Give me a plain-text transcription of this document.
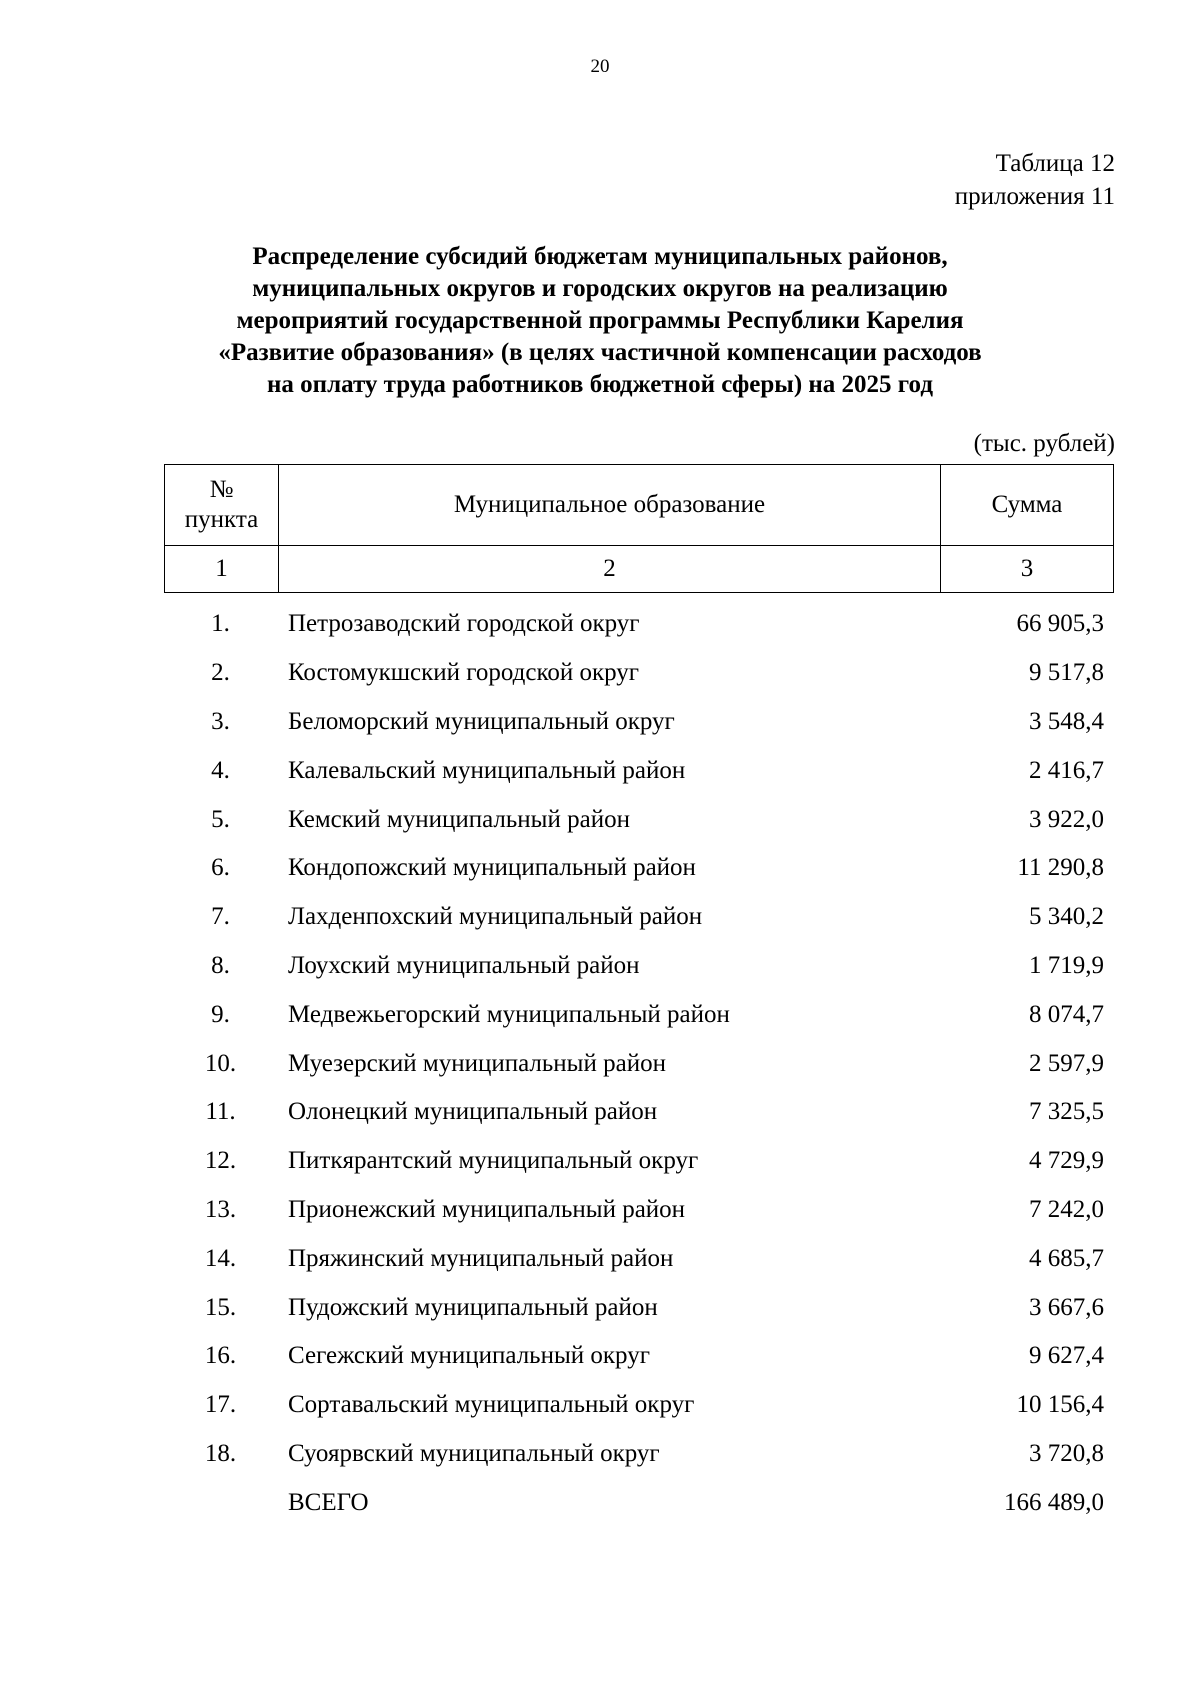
20
Таблица 12
приложения 11
Распределение субсидий бюджетам муниципальных районов,
муниципальных округов и городских округов на реализацию
мероприятий государственной программы Республики Карелия
«Развитие образования» (в целях частичной компенсации расходов
на оплату труда работников бюджетной сферы) на 2025 год
(тыс. рублей)
№
пункта	Муниципальное образование	Сумма
1	2	3
1.	Петрозаводский городской округ	66 905,3
2.	Костомукшский городской округ	9 517,8
3.	Беломорский муниципальный округ	3 548,4
4.	Калевальский муниципальный район	2 416,7
5.	Кемский муниципальный район	3 922,0
6.	Кондопожский муниципальный район	11 290,8
7.	Лахденпохский муниципальный район	5 340,2
8.	Лоухский муниципальный район	1 719,9
9.	Медвежьегорский муниципальный район	8 074,7
10.	Муезерский муниципальный район	2 597,9
11.	Олонецкий муниципальный район	7 325,5
12.	Питкярантский муниципальный округ	4 729,9
13.	Прионежский муниципальный район	7 242,0
14.	Пряжинский муниципальный район	4 685,7
15.	Пудожский муниципальный район	3 667,6
16.	Сегежский муниципальный округ	9 627,4
17.	Сортавальский муниципальный округ	10 156,4
18.	Суоярвский муниципальный округ	3 720,8
ВСЕГО	166 489,0
